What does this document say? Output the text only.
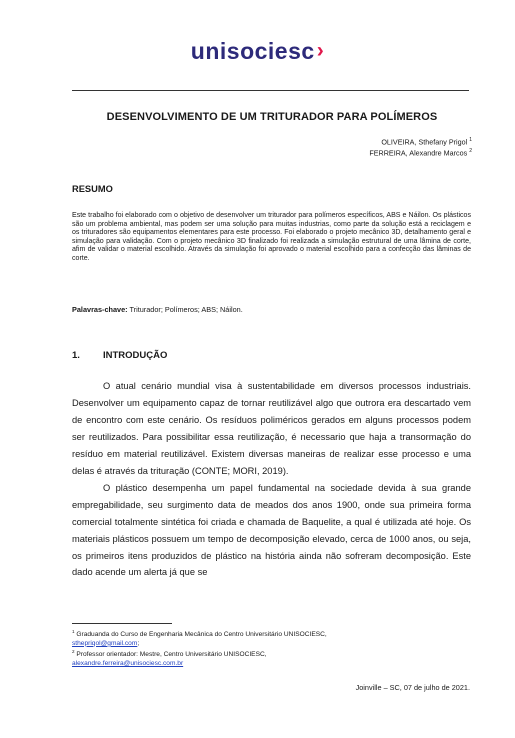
unisociesc›
DESENVOLVIMENTO DE UM TRITURADOR PARA POLÍMEROS
OLIVEIRA, Sthefany Prigol $^1$
FERREIRA, Alexandre Marcos $^2$
RESUMO

Este trabalho foi elaborado com o objetivo de desenvolver um triturador para polímeros específicos, ABS e Náilon. Os plásticos são um problema ambiental, mas podem ser uma solução para muitas industrias, como parte da solução está a reciclagem e os trituradores são equipamentos elementares para este processo. Foi elaborado o projeto mecânico 3D, detalhamento geral e simulação para validação. Com o projeto mecânico 3D finalizado foi realizada a simulação estrutural de uma lâmina de corte, afim de validar o material escolhido. Através da simulação foi aprovado o material escolhido para a confecção das lâminas de corte.

Palavras-chave: Triturador; Polímeros; ABS; Náilon.
1. INTRODUÇÃO

O atual cenário mundial visa à sustentabilidade em diversos processos industriais. Desenvolver um equipamento capaz de tornar reutilizável algo que outrora era descartado vem de encontro com este cenário. Os resíduos poliméricos gerados em alguns processos podem ser reutilizados. Para possibilitar essa reutilização, é necessario que haja a transormação do resíduo em material reutilizável. Existem diversas maneiras de realizar esse processo e uma delas é através da trituração (CONTE; MORI, 2019).

O plástico desempenha um papel fundamental na sociedade devida à sua grande empregabilidade, seu surgimento data de meados dos anos 1900, onde sua primeira forma comercial totalmente sintética foi criada e chamada de Baquelite, a qual é utilizada até hoje. Os materiais plásticos possuem um tempo de decomposição elevado, cerca de 1000 anos, ou seja, os primeiros itens produzidos de plástico na história ainda não sofreram decomposição. Este dado acende um alerta já que se

$^1$ Graduanda do Curso de Engenharia Mecânica do Centro Universitário UNISOCIESC,
sthepriqol@gmail.com;
$^2$ Professor orientador: Mestre, Centro Universitário UNISOCIESC,
alexandre.ferreira@unisociesc.com.br
Joinville – SC, 07 de julho de 2021.
